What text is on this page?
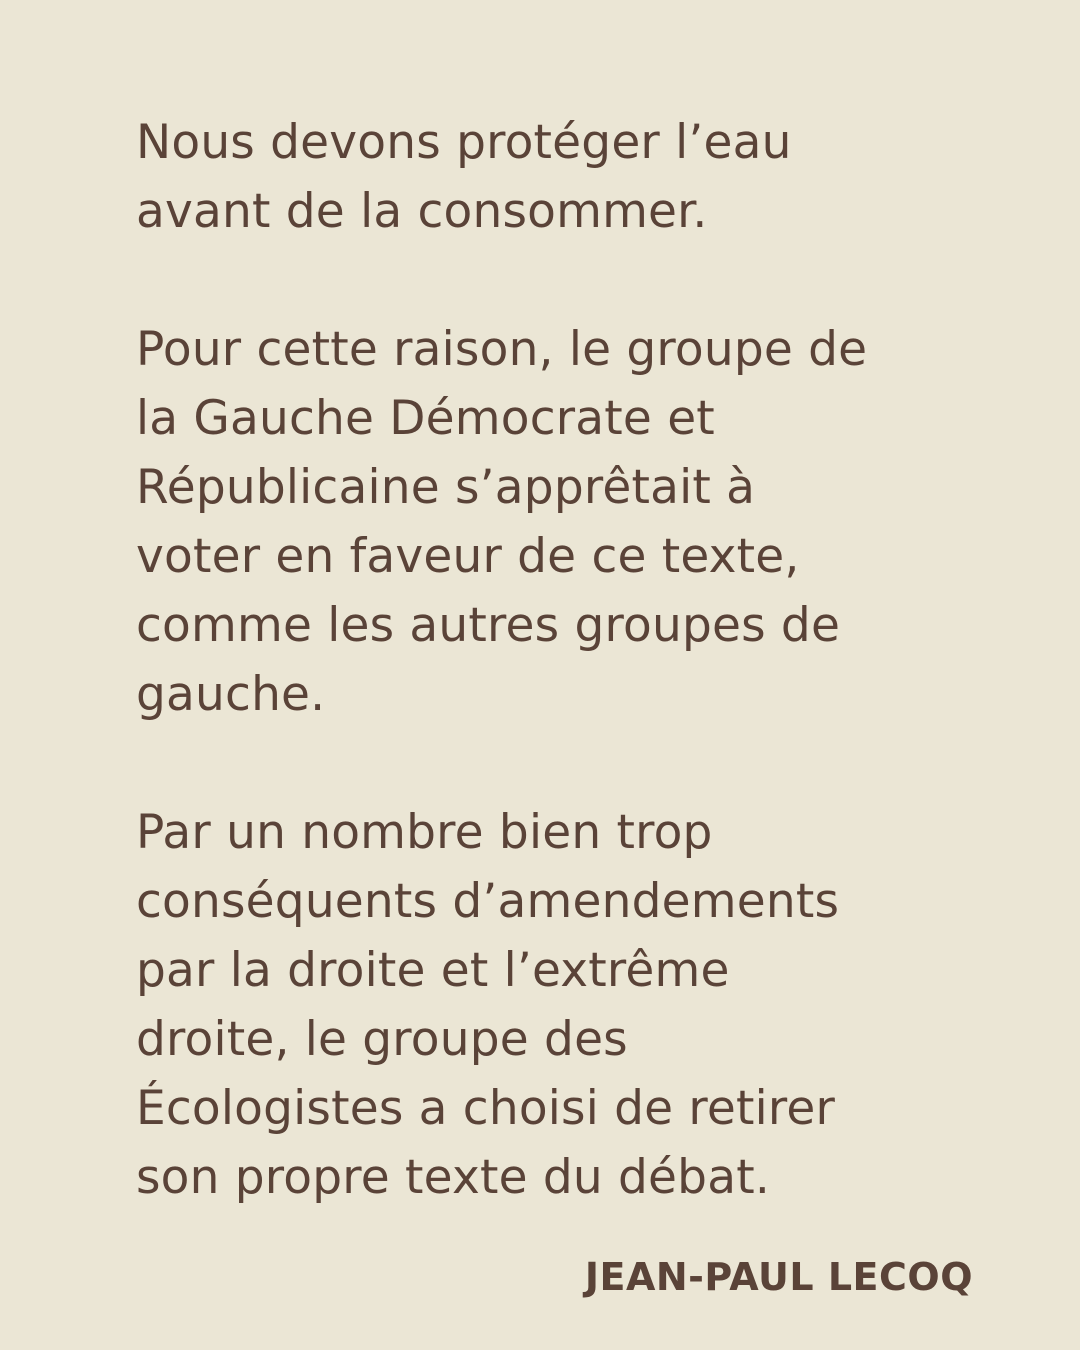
Nous devons protéger l’eau
avant de la consommer.

Pour cette raison, le groupe de
la Gauche Démocrate et
Républicaine s’apprêtait à
voter en faveur de ce texte,
comme les autres groupes de
gauche.

Par un nombre bien trop
conséquents d’amendements
par la droite et l’extrême
droite, le groupe des
Écologistes a choisi de retirer
son propre texte du débat.

JEAN-PAUL LECOQ
